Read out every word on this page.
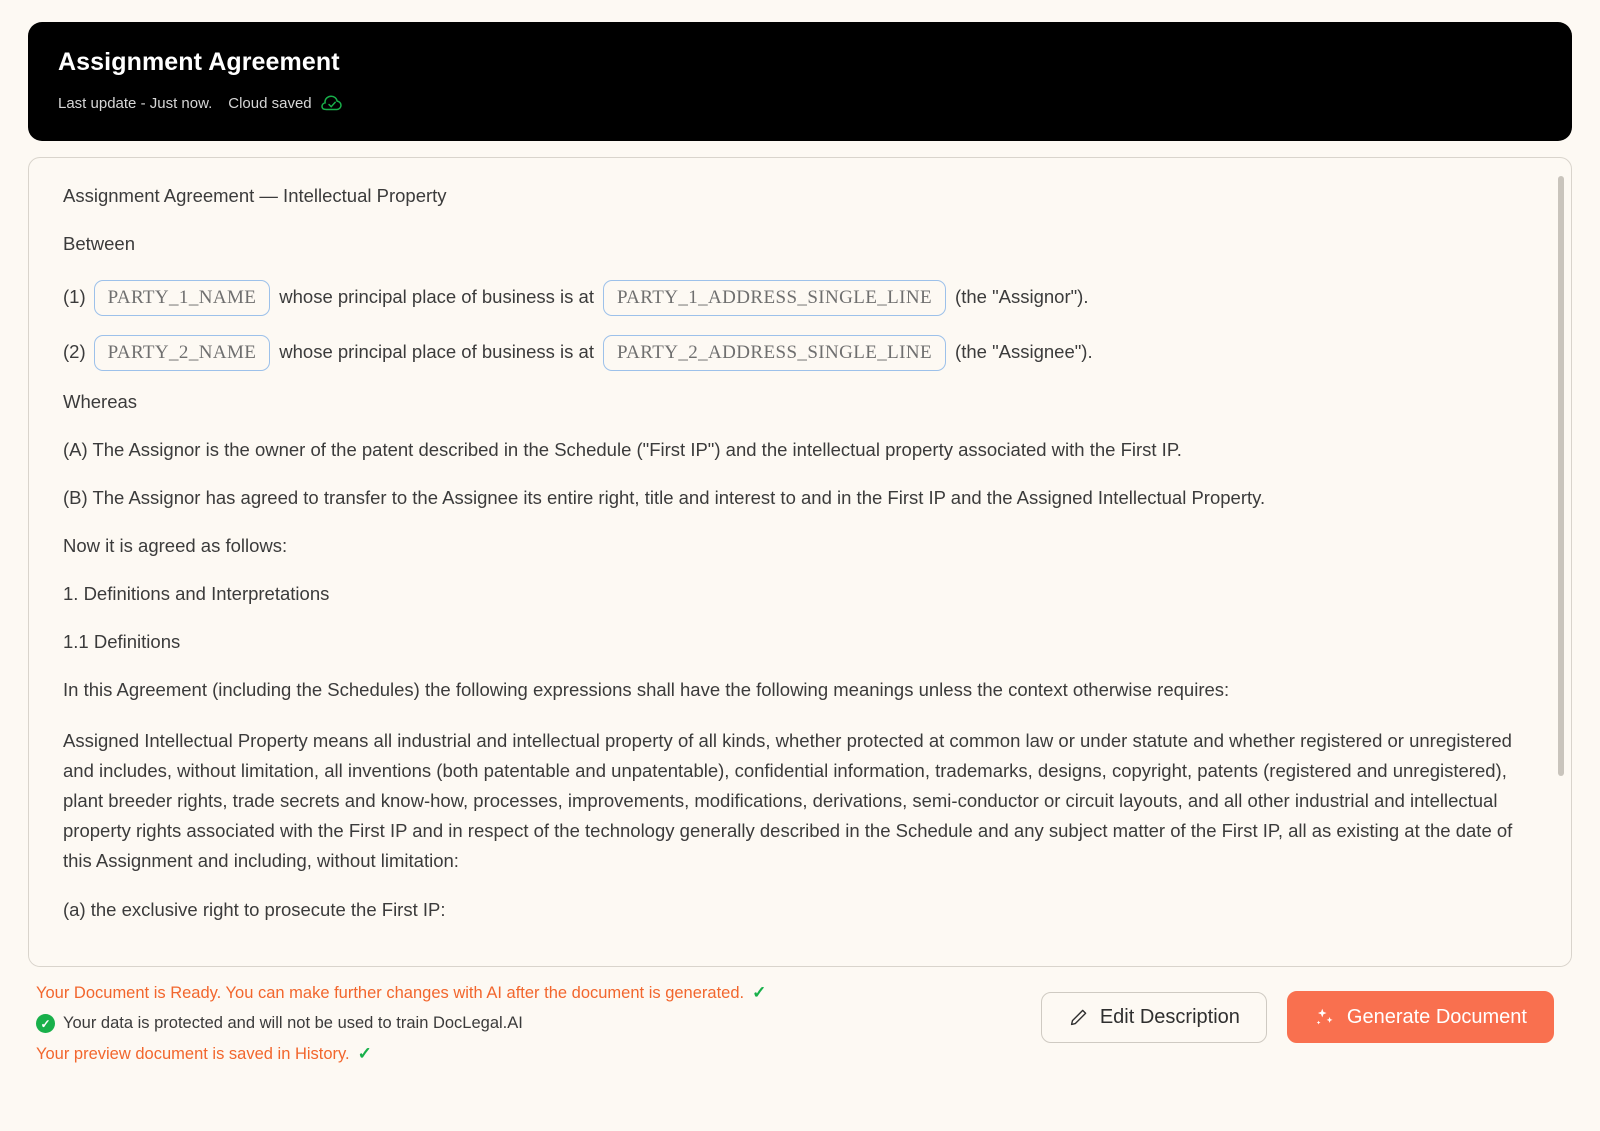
Assignment Agreement
Last update - Just now.	Cloud saved

Assignment Agreement — Intellectual Property

Between

(1)	PARTY_1_NAME	whose principal place of business is at	PARTY_1_ADDRESS_SINGLE_LINE	(the "Assignor").
(2)	PARTY_2_NAME	whose principal place of business is at	PARTY_2_ADDRESS_SINGLE_LINE	(the "Assignee").

Whereas

(A) The Assignor is the owner of the patent described in the Schedule ("First IP") and the intellectual property associated with the First IP.

(B) The Assignor has agreed to transfer to the Assignee its entire right, title and interest to and in the First IP and the Assigned Intellectual Property.

Now it is agreed as follows:

1. Definitions and Interpretations

1.1 Definitions

In this Agreement (including the Schedules) the following expressions shall have the following meanings unless the context otherwise requires:

Assigned Intellectual Property means all industrial and intellectual property of all kinds, whether protected at common law or under statute and whether registered or unregistered and includes, without limitation, all inventions (both patentable and unpatentable), confidential information, trademarks, designs, copyright, patents (registered and unregistered), plant breeder rights, trade secrets and know-how, processes, improvements, modifications, derivations, semi-conductor or circuit layouts, and all other industrial and intellectual property rights associated with the First IP and in respect of the technology generally described in the Schedule and any subject matter of the First IP, all as existing at the date of this Assignment and including, without limitation:

(a) the exclusive right to prosecute the First IP:

Your Document is Ready. You can make further changes with AI after the document is generated. ✓
✓ Your data is protected and will not be used to train DocLegal.AI
Your preview document is saved in History. ✓
Edit Description	Generate Document
